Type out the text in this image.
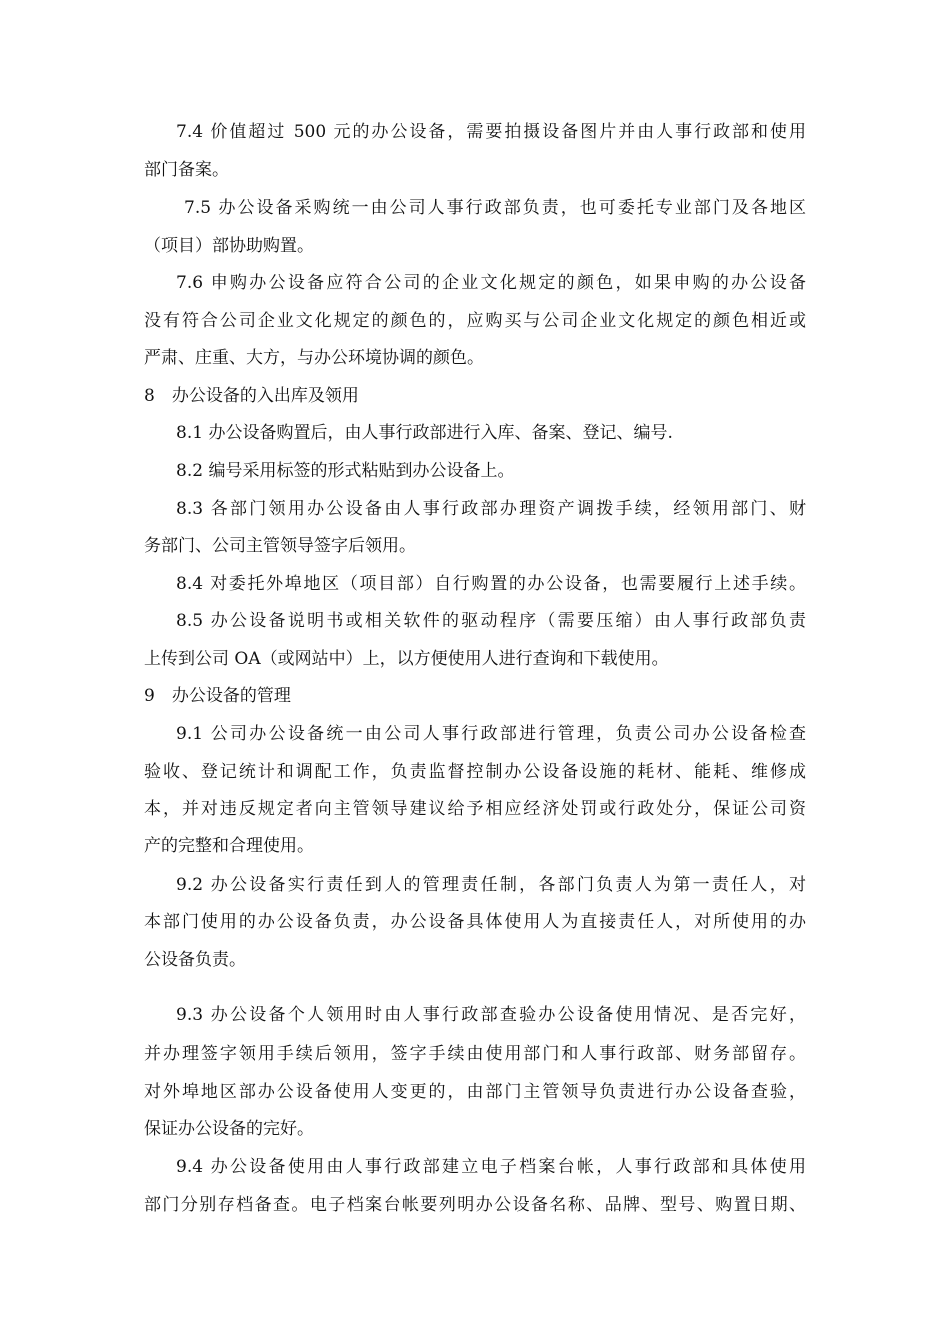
7.4 价值超过 500 元的办公设备，需要拍摄设备图片并由人事行政部和使用
部门备案。
7.5 办公设备采购统一由公司人事行政部负责，也可委托专业部门及各地区
（项目）部协助购置。
7.6 申购办公设备应符合公司的企业文化规定的颜色，如果申购的办公设备
没有符合公司企业文化规定的颜色的，应购买与公司企业文化规定的颜色相近或
严肃、庄重、大方，与办公环境协调的颜色。
8　办公设备的入出库及领用
8.1 办公设备购置后，由人事行政部进行入库、备案、登记、编号.
8.2 编号采用标签的形式粘贴到办公设备上。
8.3 各部门领用办公设备由人事行政部办理资产调拨手续，经领用部门、财
务部门、公司主管领导签字后领用。
8.4 对委托外埠地区（项目部）自行购置的办公设备，也需要履行上述手续。
8.5 办公设备说明书或相关软件的驱动程序（需要压缩）由人事行政部负责
上传到公司 OA（或网站中）上，以方便使用人进行查询和下载使用。
9　办公设备的管理
9.1 公司办公设备统一由公司人事行政部进行管理，负责公司办公设备检查
验收、登记统计和调配工作，负责监督控制办公设备设施的耗材、能耗、维修成
本，并对违反规定者向主管领导建议给予相应经济处罚或行政处分，保证公司资
产的完整和合理使用。
9.2 办公设备实行责任到人的管理责任制，各部门负责人为第一责任人，对
本部门使用的办公设备负责，办公设备具体使用人为直接责任人，对所使用的办
公设备负责。
9.3 办公设备个人领用时由人事行政部查验办公设备使用情况、是否完好，
并办理签字领用手续后领用，签字手续由使用部门和人事行政部、财务部留存。
对外埠地区部办公设备使用人变更的，由部门主管领导负责进行办公设备查验，
保证办公设备的完好。
9.4 办公设备使用由人事行政部建立电子档案台帐，人事行政部和具体使用
部门分别存档备查。电子档案台帐要列明办公设备名称、品牌、型号、购置日期、
